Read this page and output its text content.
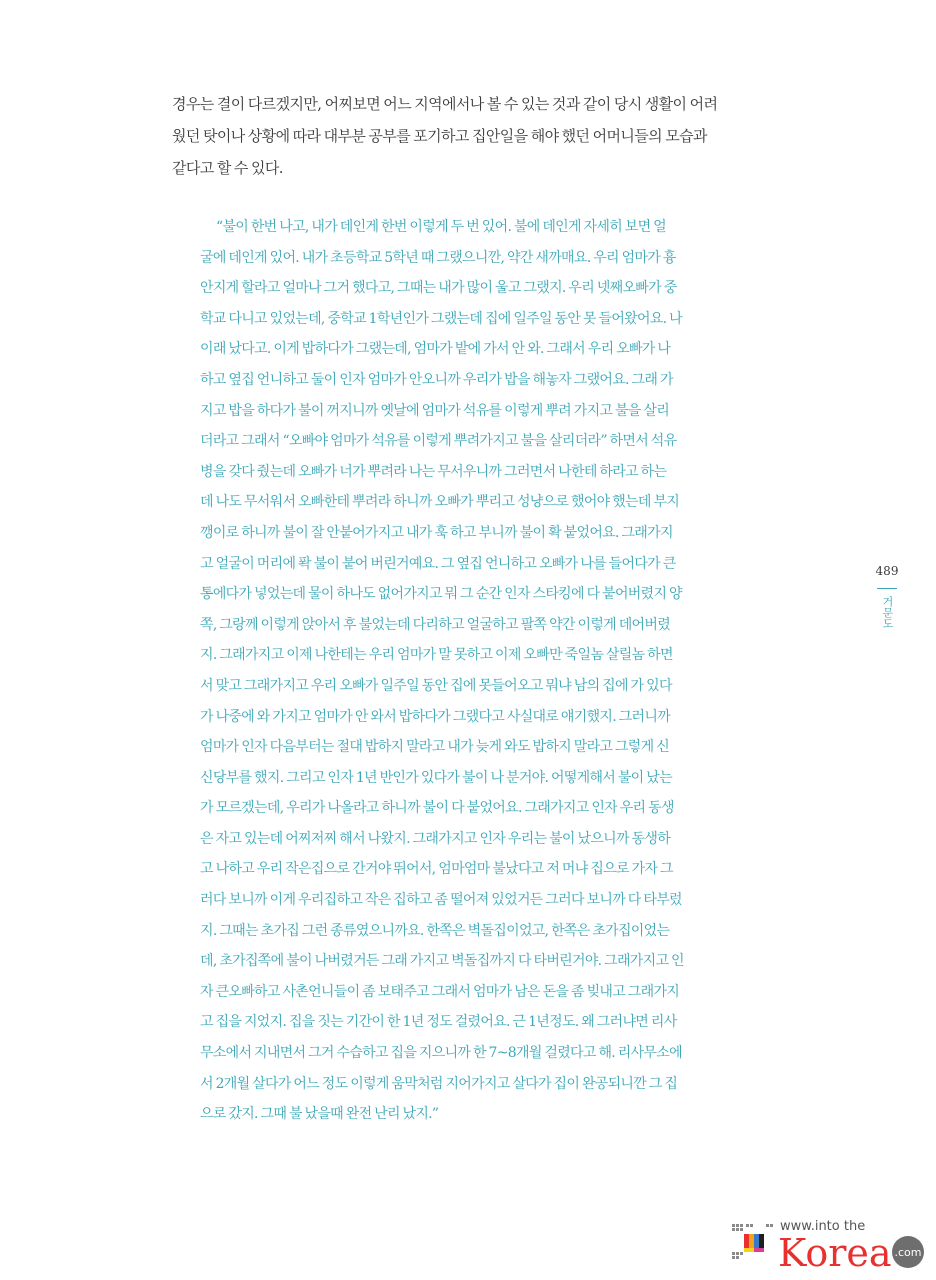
경우는 결이 다르겠지만, 어찌보면 어느 지역에서나 볼 수 있는 것과 같이 당시 생활이 어려
웠던 탓이나 상황에 따라 대부분 공부를 포기하고 집안일을 해야 했던 어머니들의 모습과
같다고 할 수 있다.
“불이 한번 나고, 내가 데인게 한번 이렇게 두 번 있어. 불에 데인게 자세히 보면 얼
굴에 데인게 있어. 내가 초등학교 5학년 때 그랬으니깐, 약간 새까매요. 우리 엄마가 흉
안지게 할라고 얼마나 그거 했다고, 그때는 내가 많이 울고 그랬지. 우리 넷째오빠가 중
학교 다니고 있었는데, 중학교 1학년인가 그랬는데 집에 일주일 동안 못 들어왔어요. 나
이래 났다고. 이게 밥하다가 그랬는데, 엄마가 밭에 가서 안 와. 그래서 우리 오빠가 나
하고 옆집 언니하고 둘이 인자 엄마가 안오니까 우리가 밥을 해놓자 그랬어요. 그래 가
지고 밥을 하다가 불이 꺼지니까 옛날에 엄마가 석유를 이렇게 뿌려 가지고 불을 살리
더라고 그래서 “오빠야 엄마가 석유를 이렇게 뿌려가지고 불을 살리더라” 하면서 석유
병을 갖다 줬는데 오빠가 너가 뿌려라 나는 무서우니까 그러면서 나한테 하라고 하는
데 나도 무서워서 오빠한테 뿌려라 하니까 오빠가 뿌리고 성냥으로 했어야 했는데 부지
깽이로 하니까 불이 잘 안붙어가지고 내가 훅 하고 부니까 불이 확 붙었어요. 그래가지
고 얼굴이 머리에 퐉 불이 붙어 버린거예요. 그 옆집 언니하고 오빠가 나를 들어다가 큰
통에다가 넣었는데 물이 하나도 없어가지고 뭐 그 순간 인자 스타킹에 다 붙어버렸지 양
쪽, 그랑께 이렇게 앉아서 후 불었는데 다리하고 얼굴하고 팔쪽 약간 이렇게 데어버렸
지. 그래가지고 이제 나한테는 우리 엄마가 말 못하고 이제 오빠만 죽일놈 살릴놈 하면
서 맞고 그래가지고 우리 오빠가 일주일 동안 집에 못들어오고 뭐냐 남의 집에 가 있다
가 나중에 와 가지고 엄마가 안 와서 밥하다가 그랬다고 사실대로 얘기했지. 그러니까
엄마가 인자 다음부터는 절대 밥하지 말라고 내가 늦게 와도 밥하지 말라고 그렇게 신
신당부를 했지. 그리고 인자 1년 반인가 있다가 불이 나 분거야. 어떻게해서 불이 났는
가 모르겠는데, 우리가 나올라고 하니까 불이 다 붙었어요. 그래가지고 인자 우리 동생
은 자고 있는데 어찌저찌 해서 나왔지. 그래가지고 인자 우리는 불이 났으니까 동생하
고 나하고 우리 작은집으로 간거야 뛰어서, 엄마엄마 불났다고 저 머냐 집으로 가자 그
러다 보니까 이게 우리집하고 작은 집하고 좀 떨어져 있었거든 그러다 보니까 다 타부렀
지. 그때는 초가집 그런 종류였으니까요. 한쪽은 벽돌집이었고, 한쪽은 초가집이었는
데, 초가집쪽에 불이 나버렸거든 그래 가지고 벽돌집까지 다 타버린거야. 그래가지고 인
자 큰오빠하고 사촌언니들이 좀 보태주고 그래서 엄마가 남은 돈을 좀 빚내고 그래가지
고 집을 지었지. 집을 짓는 기간이 한 1년 정도 걸렸어요. 근 1년정도. 왜 그러냐면 리사
무소에서 지내면서 그거 수습하고 집을 지으니까 한 7~8개월 걸렸다고 해. 리사무소에
서 2개월 살다가 어느 정도 이렇게 움막처럼 지어가지고 살다가 집이 완공되니깐 그 집
으로 갔지. 그때 불 났을때 완전 난리 났지.”
489
거문도
www.into the
Korea .com
